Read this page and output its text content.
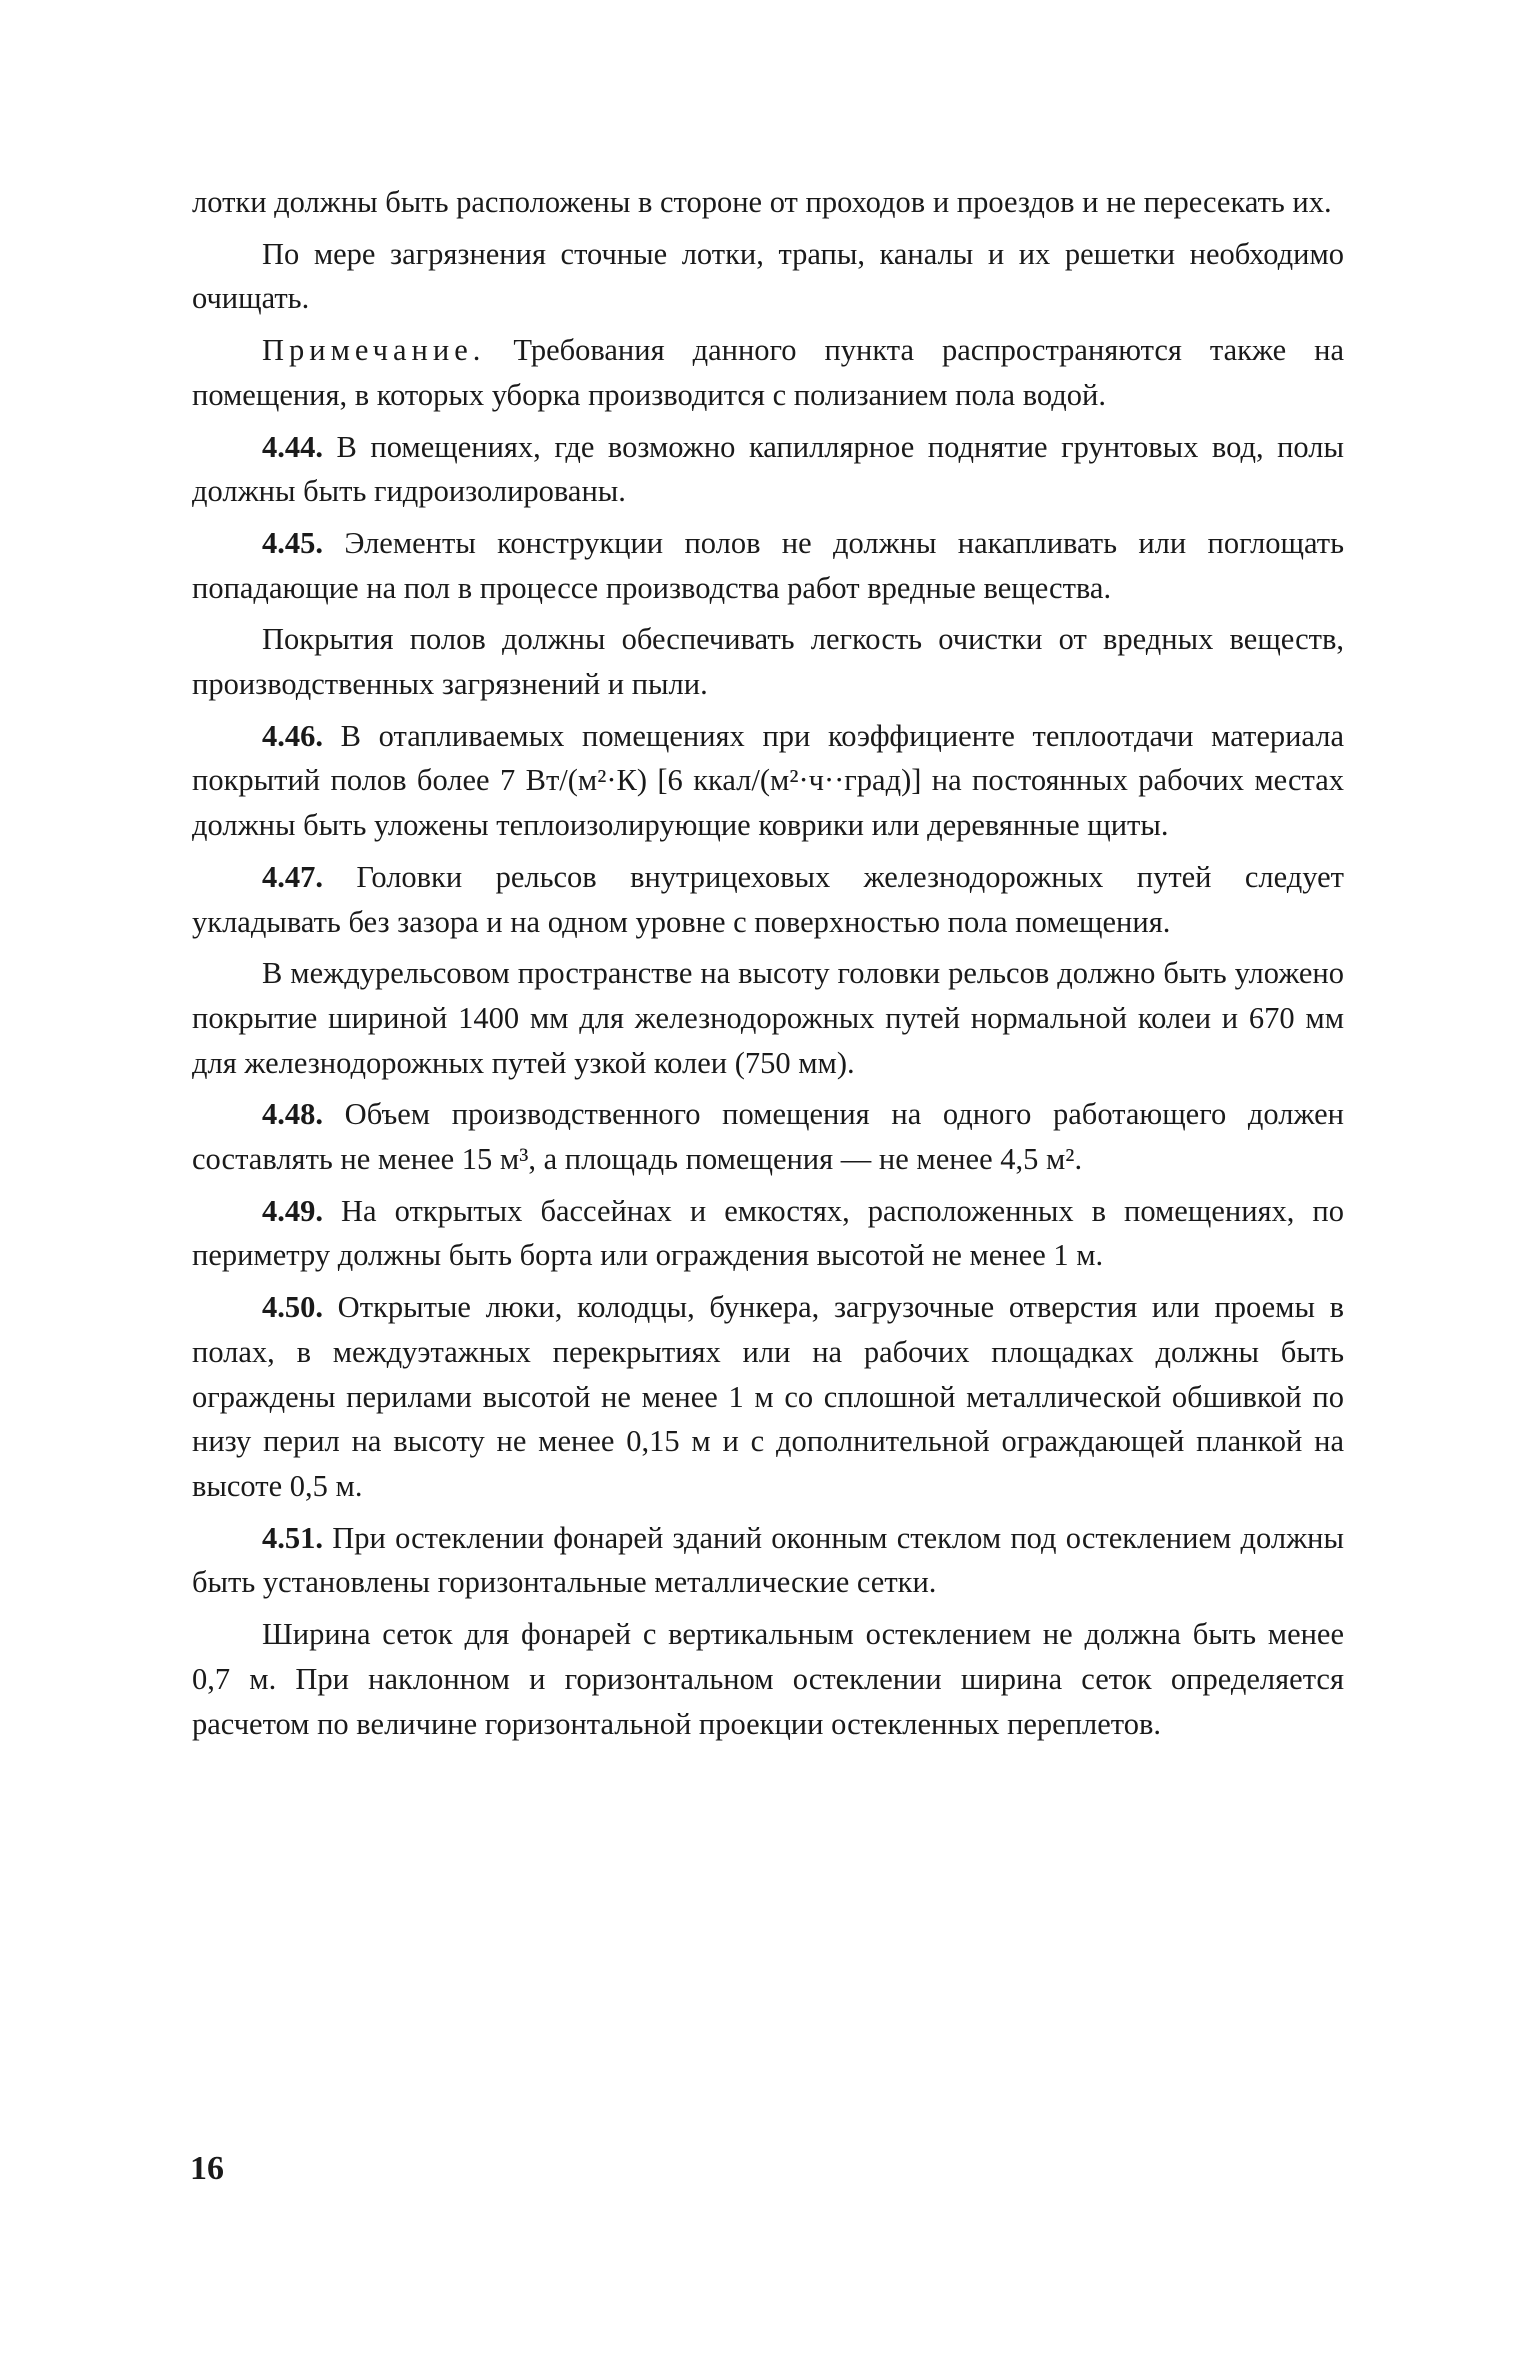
лотки должны быть расположены в стороне от проходов и проездов и не пересекать их.

По мере загрязнения сточные лотки, трапы, каналы и их решетки необходимо очищать.

Примечание. Требования данного пункта распространяются также на помещения, в которых уборка производится с полизанием пола водой.

4.44. В помещениях, где возможно капиллярное поднятие грунтовых вод, полы должны быть гидроизолированы.

4.45. Элементы конструкции полов не должны накапливать или поглощать попадающие на пол в процессе производства работ вредные вещества.

Покрытия полов должны обеспечивать легкость очистки от вредных веществ, производственных загрязнений и пыли.

4.46. В отапливаемых помещениях при коэффициенте теплоотдачи материала покрытий полов более 7 Вт/(м²·К) [6 ккал/(м²·ч··град)] на постоянных рабочих местах должны быть уложены теплоизолирующие коврики или деревянные щиты.

4.47. Головки рельсов внутрицеховых железнодорожных путей следует укладывать без зазора и на одном уровне с поверхностью пола помещения.

В междурельсовом пространстве на высоту головки рельсов должно быть уложено покрытие шириной 1400 мм для железнодорожных путей нормальной колеи и 670 мм для железнодорожных путей узкой колеи (750 мм).

4.48. Объем производственного помещения на одного работающего должен составлять не менее 15 м³, а площадь помещения — не менее 4,5 м².

4.49. На открытых бассейнах и емкостях, расположенных в помещениях, по периметру должны быть борта или ограждения высотой не менее 1 м.

4.50. Открытые люки, колодцы, бункера, загрузочные отверстия или проемы в полах, в междуэтажных перекрытиях или на рабочих площадках должны быть ограждены перилами высотой не менее 1 м со сплошной металлической обшивкой по низу перил на высоту не менее 0,15 м и с дополнительной ограждающей планкой на высоте 0,5 м.

4.51. При остеклении фонарей зданий оконным стеклом под остеклением должны быть установлены горизонтальные металлические сетки.

Ширина сеток для фонарей с вертикальным остеклением не должна быть менее 0,7 м. При наклонном и горизонтальном остеклении ширина сеток определяется расчетом по величине горизонтальной проекции остекленных переплетов.

16
